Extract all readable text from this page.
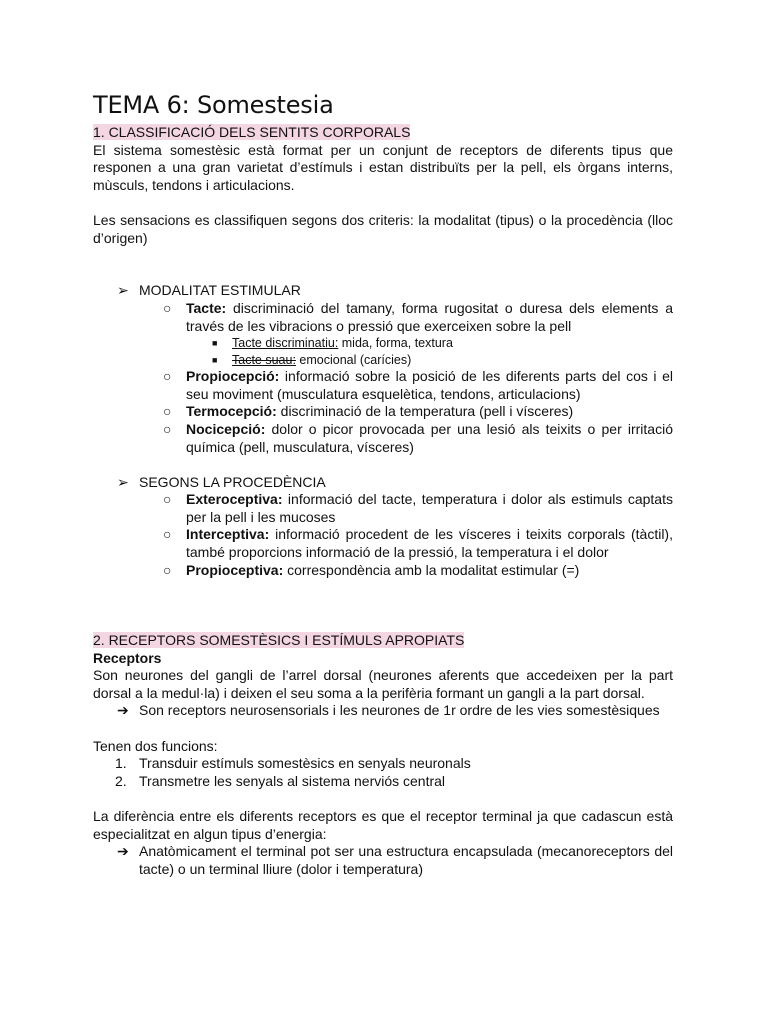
TEMA 6: Somestesia
1. CLASSIFICACIÓ DELS SENTITS CORPORALS

El sistema somestèsic està format per un conjunt de receptors de diferents tipus que responen a una gran varietat d’estímuls i estan distribuïts per la pell, els òrgans interns, mùsculs, tendons i articulacions.

Les sensacions es classifiquen segons dos criteris: la modalitat (tipus) o la procedència (lloc d’origen)

➢ MODALITAT ESTIMULAR
○ Tacte: discriminació del tamany, forma rugositat o duresa dels elements a través de les vibracions o pressió que exerceixen sobre la pell
■ Tacte discriminatiu: mida, forma, textura
■ Tacte suau: emocional (carícies)
○ Propiocepció: informació sobre la posició de les diferents parts del cos i el seu moviment (musculatura esquelètica, tendons, articulacions)
○ Termocepció: discriminació de la temperatura (pell i vísceres)
○ Nocicepció: dolor o picor provocada per una lesió als teixits o per irritació química (pell, musculatura, vísceres)
➢ SEGONS LA PROCEDÈNCIA
○ Exteroceptiva: informació del tacte, temperatura i dolor als estimuls captats per la pell i les mucoses
○ Interceptiva: informació procedent de les vísceres i teixits corporals (tàctil), també proporcions informació de la pressió, la temperatura i el dolor
○ Propioceptiva: correspondència amb la modalitat estimular (=)
2. RECEPTORS SOMESTÈSICS I ESTÍMULS APROPIATS
Receptors

Son neurones del gangli de l’arrel dorsal (neurones aferents que accedeixen per la part dorsal a la medul·la) i deixen el seu soma a la perifèria formant un gangli a la part dorsal.

➔ Son receptors neurosensorials i les neurones de 1r ordre de les vies somestèsiques

Tenen dos funcions:

1. Transduir estímuls somestèsics en senyals neuronals
2. Transmetre les senyals al sistema nerviós central

La diferència entre els diferents receptors es que el receptor terminal ja que cadascun està especialitzat en algun tipus d’energia:

➔ Anatòmicament el terminal pot ser una estructura encapsulada (mecanoreceptors del tacte) o un terminal lliure (dolor i temperatura)
